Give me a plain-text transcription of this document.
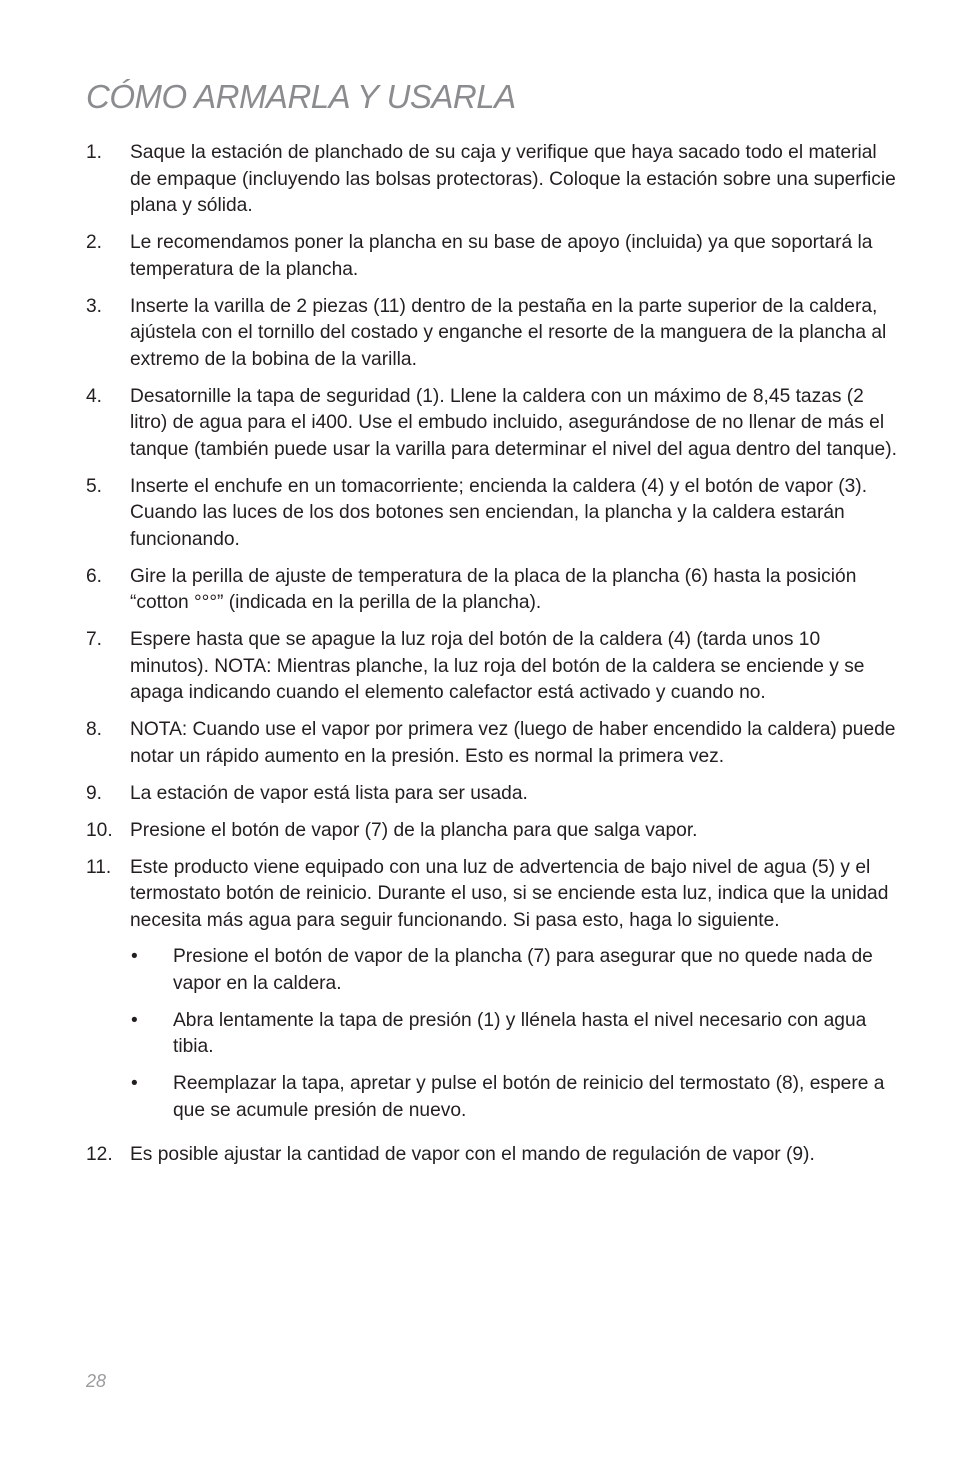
CÓMO ARMARLA Y USARLA
1. Saque la estación de planchado de su caja y verifique que haya sacado todo el material de empaque (incluyendo las bolsas protectoras). Coloque la estación sobre una superficie plana y sólida.
2. Le recomendamos poner la plancha en su base de apoyo (incluida) ya que soportará la temperatura de la plancha.
3. Inserte la varilla de 2 piezas (11) dentro de la pestaña en la parte superior de la caldera, ajústela con el tornillo del costado y enganche el resorte de la manguera de la plancha al extremo de la bobina de la varilla.
4. Desatornille la tapa de seguridad (1). Llene la caldera con un máximo de 8,45 tazas (2 litro) de agua para el i400. Use el embudo incluido, asegurándose de no llenar de más el tanque (también puede usar la varilla para determinar el nivel del agua dentro del tanque).
5. Inserte el enchufe en un tomacorriente; encienda la caldera (4) y el botón de vapor (3). Cuando las luces de los dos botones sen enciendan, la plancha y la caldera estarán funcionando.
6. Gire la perilla de ajuste de temperatura de la placa de la plancha (6) hasta la posición “cotton °°°” (indicada en la perilla de la plancha).
7. Espere hasta que se apague la luz roja del botón de la caldera (4) (tarda unos 10 minutos). NOTA: Mientras planche, la luz roja del botón de la caldera se enciende y se apaga indicando cuando el elemento calefactor está activado y cuando no.
8. NOTA: Cuando use el vapor por primera vez (luego de haber encendido la caldera) puede notar un rápido aumento en la presión. Esto es normal la primera vez.
9. La estación de vapor está lista para ser usada.
10. Presione el botón de vapor (7) de la plancha para que salga vapor.
11. Este producto viene equipado con una luz de advertencia de bajo nivel de agua (5) y el termostato botón de reinicio. Durante el uso, si se enciende esta luz, indica que la unidad necesita más agua para seguir funcionando. Si pasa esto, haga lo siguiente.
• Presione el botón de vapor de la plancha (7) para asegurar que no quede nada de vapor en la caldera.
• Abra lentamente la tapa de presión (1) y llénela hasta el nivel necesario con agua tibia.
• Reemplazar la tapa, apretar y pulse el botón de reinicio del termostato (8), espere a que se acumule presión de nuevo.
12. Es posible ajustar la cantidad de vapor con el mando de regulación de vapor (9).
28
